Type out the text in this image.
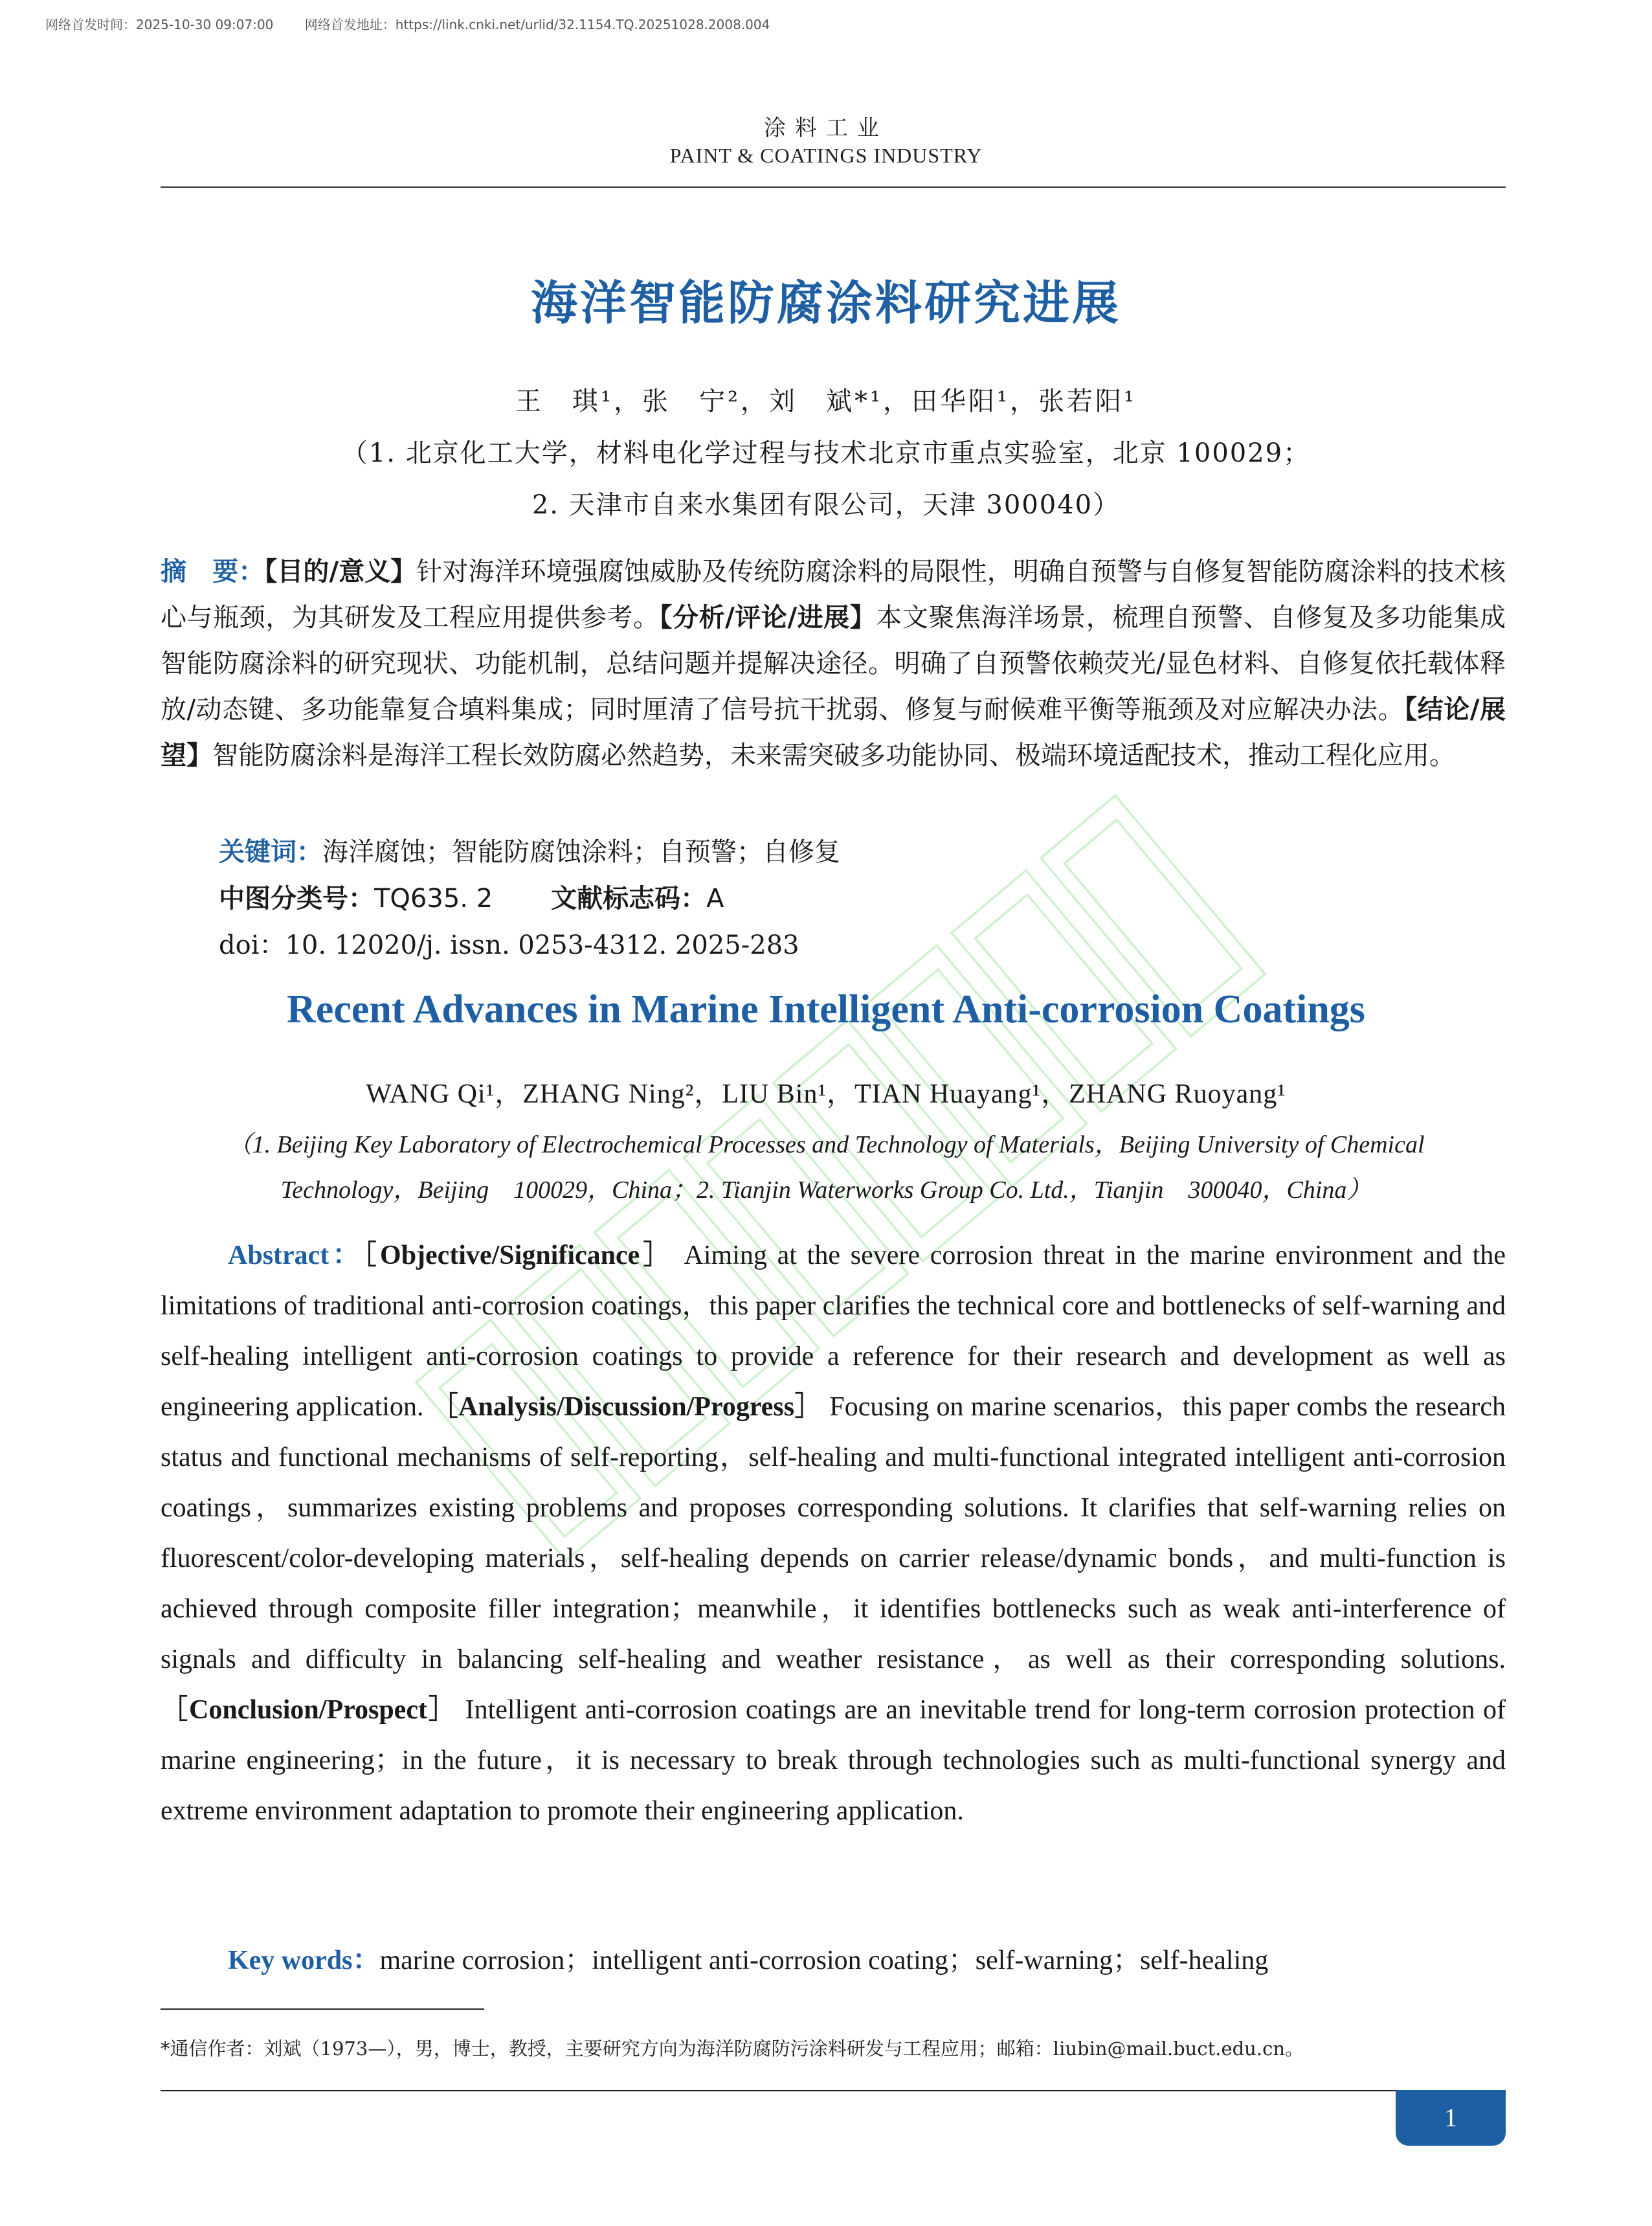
网络首发时间：2025-10-30 09:07:00 网络首发地址：https://link.cnki.net/urlid/32.1154.TQ.20251028.2008.004
涂料工业
PAINT & COATINGS INDUSTRY
海洋智能防腐涂料研究进展
王　琪¹，张　宁²，刘　斌*¹，田华阳¹，张若阳¹
（1. 北京化工大学，材料电化学过程与技术北京市重点实验室，北京 100029；
2. 天津市自来水集团有限公司，天津 300040）
摘　要：【目的/意义】针对海洋环境强腐蚀威胁及传统防腐涂料的局限性，明确自预警与自修复智能防腐涂料的技术核心与瓶颈，为其研发及工程应用提供参考。【分析/评论/进展】本文聚焦海洋场景，梳理自预警、自修复及多功能集成智能防腐涂料的研究现状、功能机制，总结问题并提解决途径。明确了自预警依赖荧光/显色材料、自修复依托载体释放/动态键、多功能靠复合填料集成；同时厘清了信号抗干扰弱、修复与耐候难平衡等瓶颈及对应解决办法。【结论/展望】智能防腐涂料是海洋工程长效防腐必然趋势，未来需突破多功能协同、极端环境适配技术，推动工程化应用。
关键词：海洋腐蚀；智能防腐蚀涂料；自预警；自修复
中图分类号：TQ635. 2 文献标志码：A
doi：10. 12020/j. issn. 0253-4312. 2025-283
Recent Advances in Marine Intelligent Anti-corrosion Coatings
WANG Qi¹，ZHANG Ning²，LIU Bin¹，TIAN Huayang¹，ZHANG Ruoyang¹
（1. Beijing Key Laboratory of Electrochemical Processes and Technology of Materials，Beijing University of Chemical
Technology，Beijing　100029，China；2. Tianjin Waterworks Group Co. Ltd.，Tianjin　300040，China）
Abstract：［Objective/Significance］ Aiming at the severe corrosion threat in the marine environment and the limitations of traditional anti-corrosion coatings，this paper clarifies the technical core and bottlenecks of self-warning and self-healing intelligent anti-corrosion coatings to provide a reference for their research and development as well as engineering application. ［Analysis/Discussion/Progress］ Focusing on marine scenarios，this paper combs the research status and functional mechanisms of self-reporting，self-healing and multi-functional integrated intelligent anti-corrosion coatings，summarizes existing problems and proposes corresponding solutions. It clarifies that self-warning relies on fluorescent/color-developing materials，self-healing depends on carrier release/dynamic bonds，and multi-function is achieved through composite filler integration；meanwhile，it identifies bottlenecks such as weak anti-interference of signals and difficulty in balancing self-healing and weather resistance，as well as their corresponding solutions. ［Conclusion/Prospect］ Intelligent anti-corrosion coatings are an inevitable trend for long-term corrosion protection of marine engineering；in the future，it is necessary to break through technologies such as multi-functional synergy and extreme environment adaptation to promote their engineering application.
Key words：marine corrosion；intelligent anti-corrosion coating；self-warning；self-healing
*通信作者：刘斌（1973—），男，博士，教授，主要研究方向为海洋防腐防污涂料研发与工程应用；邮箱：liubin@mail.buct.edu.cn。
1
